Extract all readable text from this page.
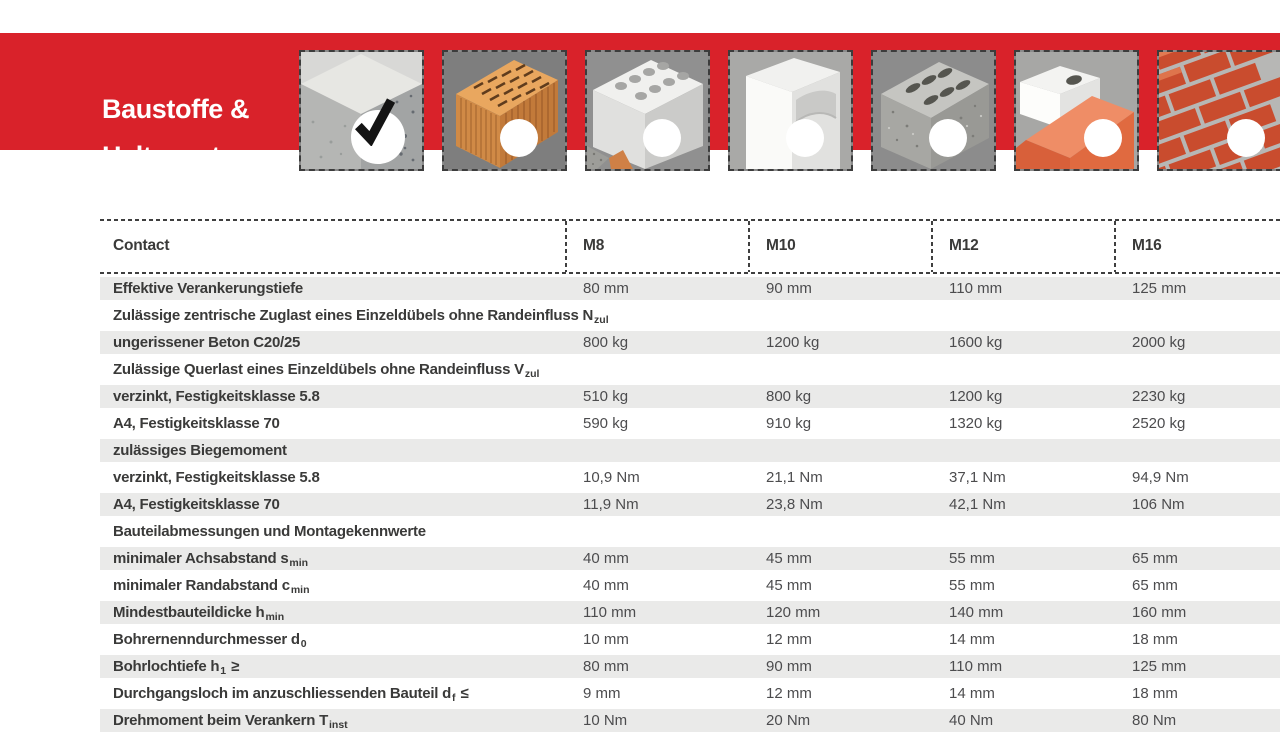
Baustoffe &
Haltewerte
Contact	M8	M10	M12	M16
Effektive Verankerungstiefe	80 mm	90 mm	110 mm	125 mm
Zulässige zentrische Zuglast eines Einzeldübels ohne Randeinfluss N zul
ungerissener Beton C20/25	800 kg	1200 kg	1600 kg	2000 kg
Zulässige Querlast eines Einzeldübels ohne Randeinfluss V zul
verzinkt, Festigkeitsklasse 5.8	510 kg	800 kg	1200 kg	2230 kg
A4, Festigkeitsklasse 70	590 kg	910 kg	1320 kg	2520 kg
zulässiges Biegemoment
verzinkt, Festigkeitsklasse 5.8	10,9 Nm	21,1 Nm	37,1 Nm	94,9 Nm
A4, Festigkeitsklasse 70	11,9 Nm	23,8 Nm	42,1 Nm	106 Nm
Bauteilabmessungen und Montagekennwerte
minimaler Achsabstand s min	40 mm	45 mm	55 mm	65 mm
minimaler Randabstand c min	40 mm	45 mm	55 mm	65 mm
Mindestbauteildicke h min	110 mm	120 mm	140 mm	160 mm
Bohrernenndurchmesser d 0	10 mm	12 mm	14 mm	18 mm
Bohrlochtiefe h 1 ≥	80 mm	90 mm	110 mm	125 mm
Durchgangsloch im anzuschliessenden Bauteil d f ≤	9 mm	12 mm	14 mm	18 mm
Drehmoment beim Verankern T inst	10 Nm	20 Nm	40 Nm	80 Nm
